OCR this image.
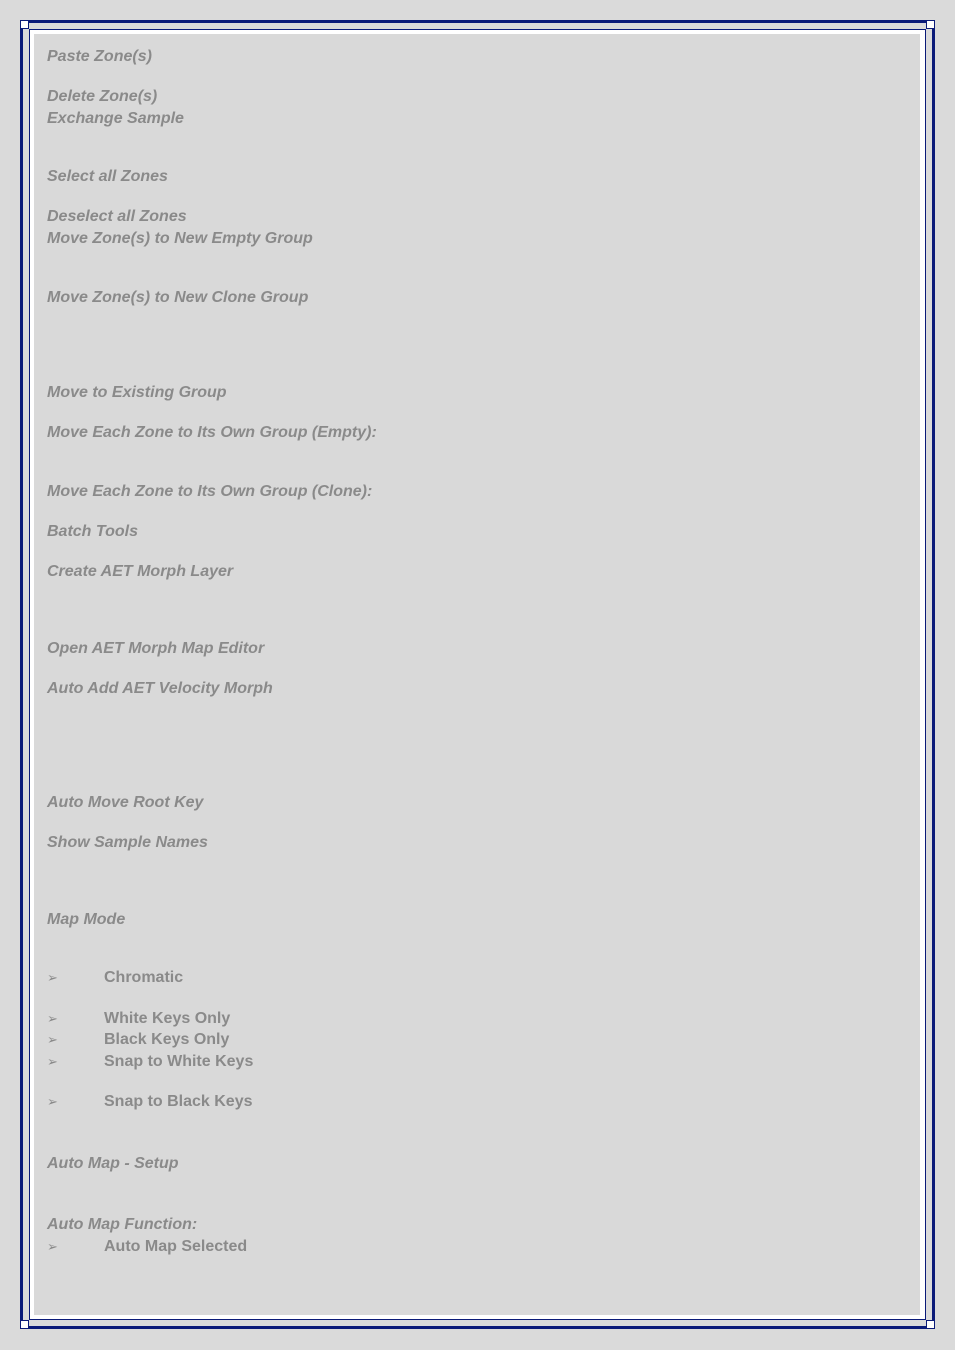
Paste Zone(s)
Delete Zone(s)
Exchange Sample
Select all Zones
Deselect all Zones
Move Zone(s) to New Empty Group
Move Zone(s) to New Clone Group
Move to Existing Group
Move Each Zone to Its Own Group (Empty):
Move Each Zone to Its Own Group (Clone):
Batch Tools
Create AET Morph Layer
Open AET Morph Map Editor
Auto Add AET Velocity Morph
Auto Move Root Key
Show Sample Names
Map Mode
➢	Chromatic
➢	White Keys Only
➢	Black Keys Only
➢	Snap to White Keys
➢	Snap to Black Keys
Auto Map - Setup
Auto Map Function:
➢	Auto Map Selected
